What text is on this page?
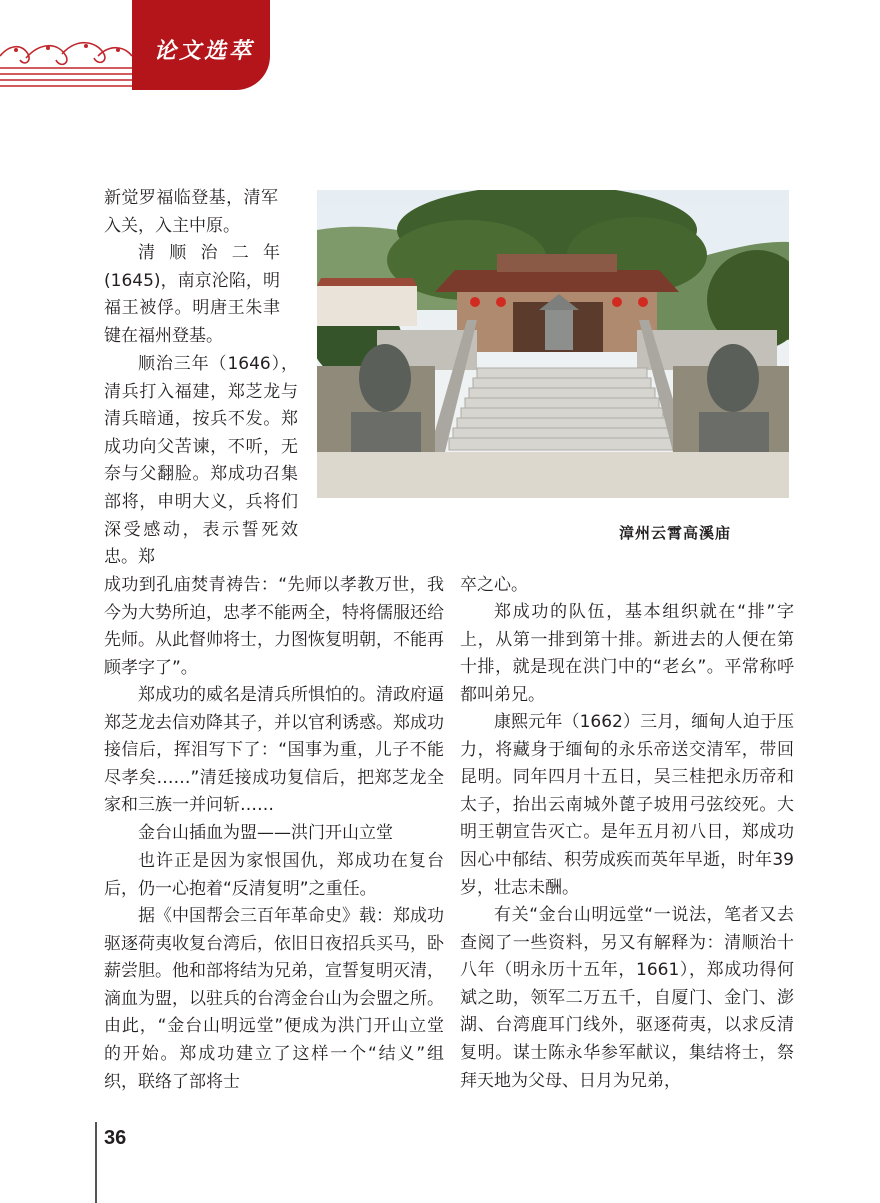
论文选萃

新觉罗福临登基，清军入关，入主中原。

清顺治二年(1645)，南京沦陷，明福王被俘。明唐王朱聿键在福州登基。

顺治三年（1646），清兵打入福建，郑芝龙与清兵暗通，按兵不发。郑成功向父苦谏，不听，无奈与父翻脸。郑成功召集部将，申明大义，兵将们深受感动，表示誓死效忠。郑

成功到孔庙焚青祷告：“先师以孝教万世，我今为大势所迫，忠孝不能两全，特将儒服还给先师。从此督帅将士，力图恢复明朝，不能再顾孝字了”。

郑成功的威名是清兵所惧怕的。清政府逼郑芝龙去信劝降其子，并以官利诱惑。郑成功接信后，挥泪写下了：“国事为重，儿子不能尽孝矣……”清廷接成功复信后，把郑芝龙全家和三族一并问斩……

金台山插血为盟——洪门开山立堂

也许正是因为家恨国仇，郑成功在复台后，仍一心抱着“反清复明”之重任。

据《中国帮会三百年革命史》载：郑成功驱逐荷夷收复台湾后，依旧日夜招兵买马，卧薪尝胆。他和部将结为兄弟，宣誓复明灭清，滴血为盟，以驻兵的台湾金台山为会盟之所。由此，“金台山明远堂”便成为洪门开山立堂的开始。郑成功建立了这样一个“结义”组织，联络了部将士

漳州云霄高溪庙

卒之心。

郑成功的队伍，基本组织就在“排”字上，从第一排到第十排。新进去的人便在第十排，就是现在洪门中的“老幺”。平常称呼都叫弟兄。

康熙元年（1662）三月，缅甸人迫于压力，将藏身于缅甸的永乐帝送交清军，带回昆明。同年四月十五日，吴三桂把永历帝和太子，抬出云南城外蓖子坡用弓弦绞死。大明王朝宣告灭亡。是年五月初八日，郑成功因心中郁结、积劳成疾而英年早逝，时年39岁，壮志未酬。

有关“金台山明远堂“一说法，笔者又去查阅了一些资料，另又有解释为：清顺治十八年（明永历十五年，1661），郑成功得何斌之助，领军二万五千，自厦门、金门、澎湖、台湾鹿耳门线外，驱逐荷夷，以求反清复明。谋士陈永华参军献议，集结将士，祭拜天地为父母、日月为兄弟，

36
